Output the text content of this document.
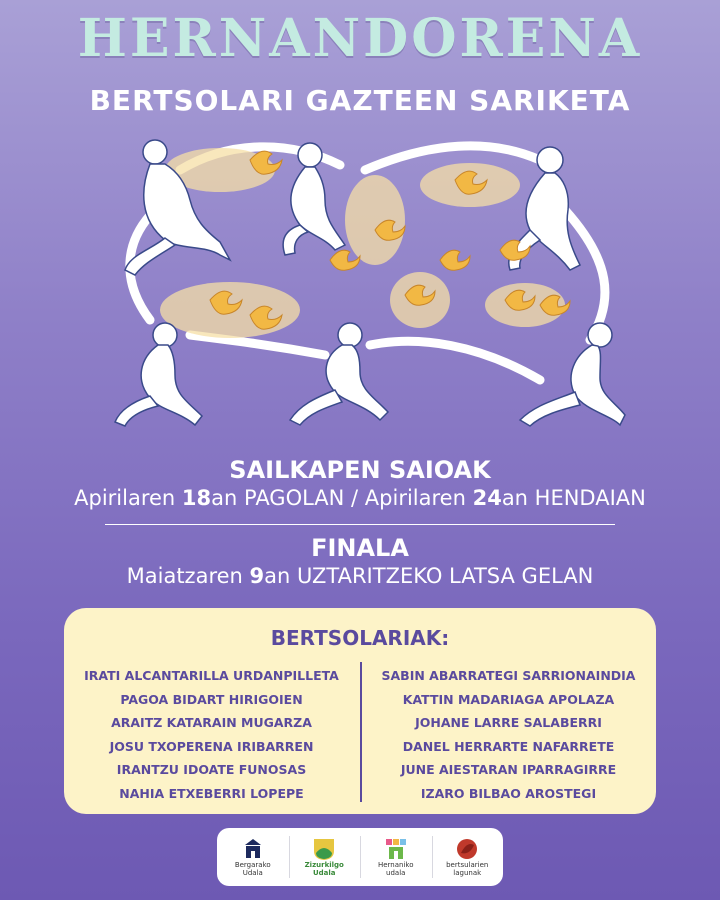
HERNANDORENA
BERTSOLARI GAZTEEN SARIKETA
SAILKAPEN SAIOAK
Apirilaren 18an PAGOLAN / Apirilaren 24an HENDAIAN
FINALA
Maiatzaren 9an UZTARITZEKO LATSA GELAN
BERTSOLARIAK:
IRATI ALCANTARILLA URDANPILLETA
PAGOA BIDART HIRIGOIEN
ARAITZ KATARAIN MUGARZA
JOSU TXOPERENA IRIBARREN
IRANTZU IDOATE FUNOSAS
NAHIA ETXEBERRI LOPEPE
SABIN ABARRATEGI SARRIONAINDIA
KATTIN MADARIAGA APOLAZA
JOHANE LARRE SALABERRI
DANEL HERRARTE NAFARRETE
JUNE AIESTARAN IPARRAGIRRE
IZARO BILBAO AROSTEGI
Bergarako
Udala
Zizurkilgo
Udala
Hernaniko
udala
bertsularien
lagunak
